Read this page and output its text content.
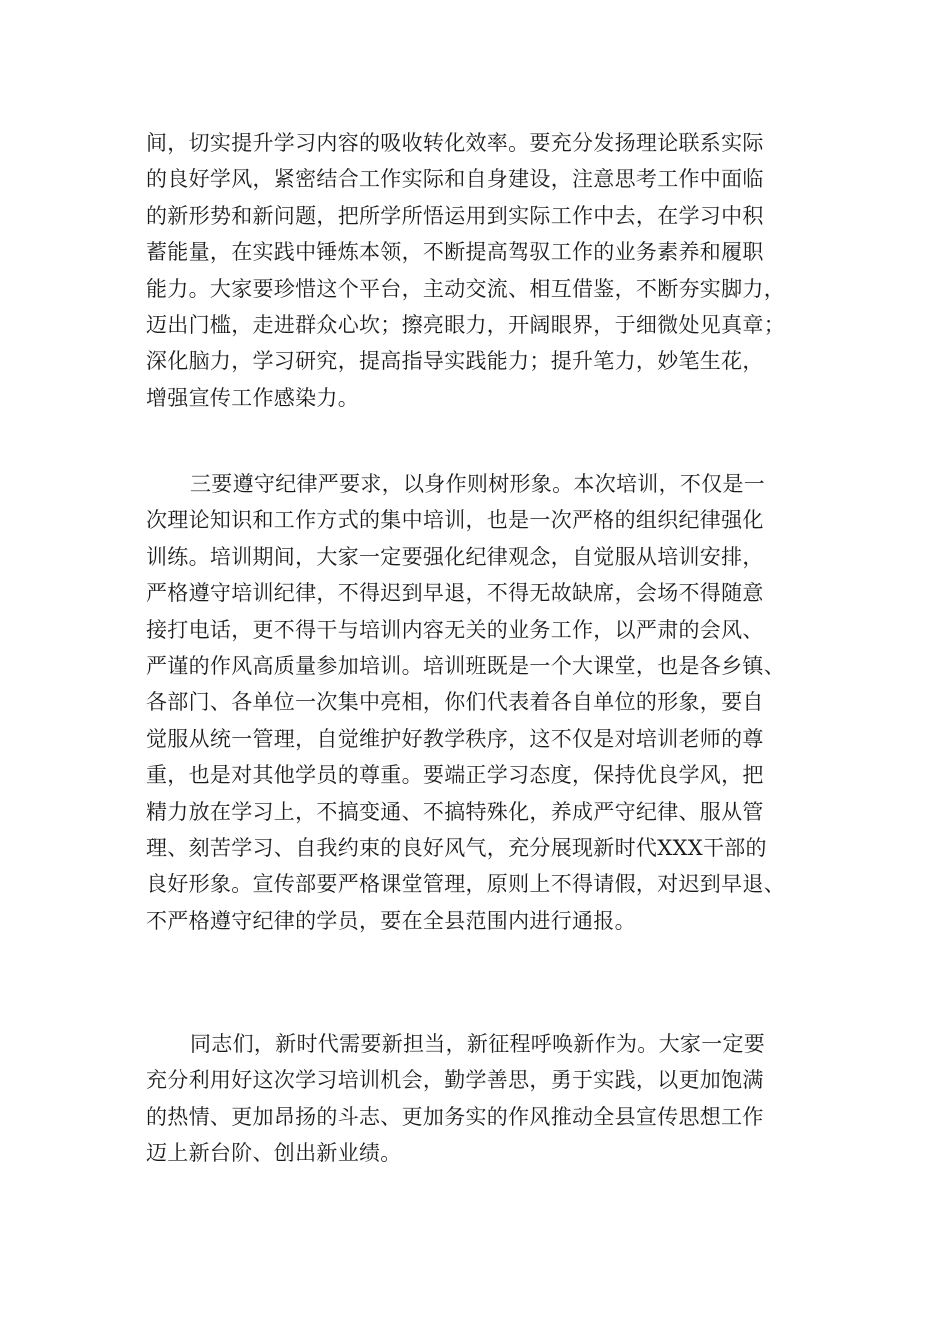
间，切实提升学习内容的吸收转化效率。要充分发扬理论联系实际
的良好学风，紧密结合工作实际和自身建设，注意思考工作中面临
的新形势和新问题，把所学所悟运用到实际工作中去，在学习中积
蓄能量，在实践中锤炼本领，不断提高驾驭工作的业务素养和履职
能力。大家要珍惜这个平台，主动交流、相互借鉴，不断夯实脚力，
迈出门槛，走进群众心坎；擦亮眼力，开阔眼界，于细微处见真章；
深化脑力，学习研究，提高指导实践能力；提升笔力，妙笔生花，
增强宣传工作感染力。
三要遵守纪律严要求，以身作则树形象。本次培训，不仅是一
次理论知识和工作方式的集中培训，也是一次严格的组织纪律强化
训练。培训期间，大家一定要强化纪律观念，自觉服从培训安排，
严格遵守培训纪律，不得迟到早退，不得无故缺席，会场不得随意
接打电话，更不得干与培训内容无关的业务工作，以严肃的会风、
严谨的作风高质量参加培训。培训班既是一个大课堂，也是各乡镇、
各部门、各单位一次集中亮相，你们代表着各自单位的形象，要自
觉服从统一管理，自觉维护好教学秩序，这不仅是对培训老师的尊
重，也是对其他学员的尊重。要端正学习态度，保持优良学风，把
精力放在学习上，不搞变通、不搞特殊化，养成严守纪律、服从管
理、刻苦学习、自我约束的良好风气，充分展现新时代XXX干部的
良好形象。宣传部要严格课堂管理，原则上不得请假，对迟到早退、
不严格遵守纪律的学员，要在全县范围内进行通报。
同志们，新时代需要新担当，新征程呼唤新作为。大家一定要
充分利用好这次学习培训机会，勤学善思，勇于实践，以更加饱满
的热情、更加昂扬的斗志、更加务实的作风推动全县宣传思想工作
迈上新台阶、创出新业绩。
